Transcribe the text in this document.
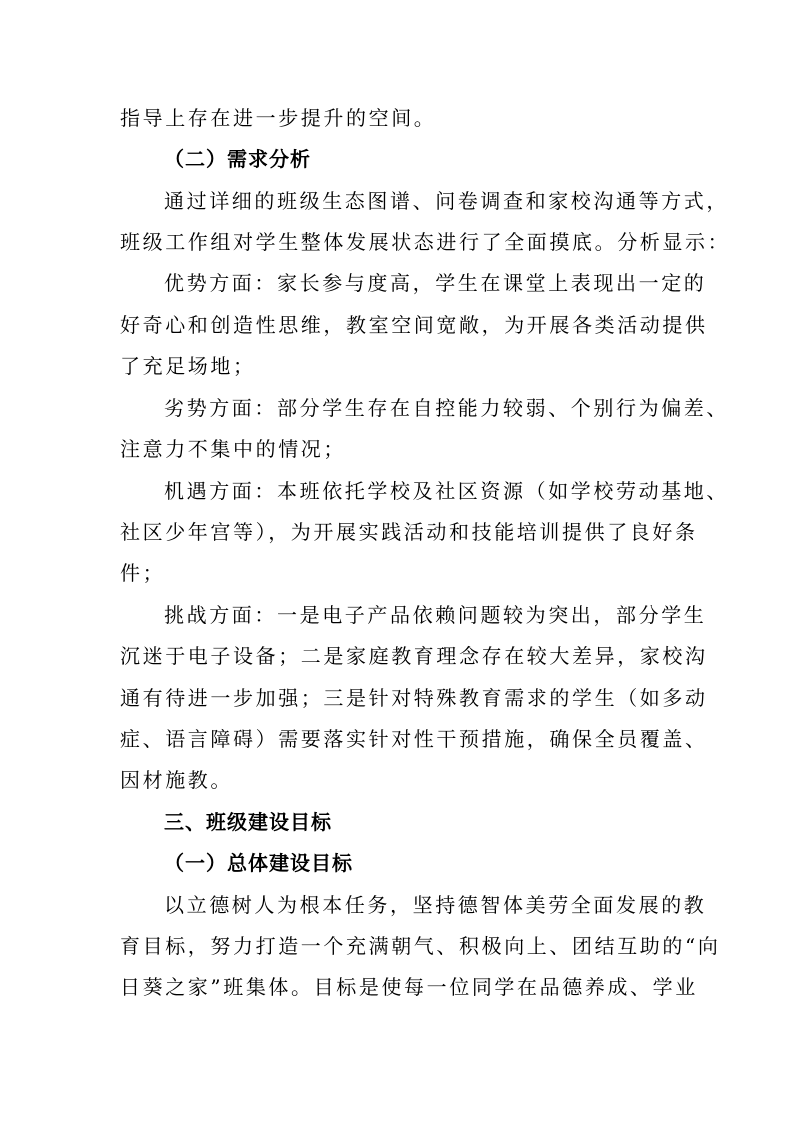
指导上存在进一步提升的空间。
（二）需求分析
通过详细的班级生态图谱、问卷调查和家校沟通等方式，
班级工作组对学生整体发展状态进行了全面摸底。分析显示：
优势方面：家长参与度高，学生在课堂上表现出一定的
好奇心和创造性思维，教室空间宽敞，为开展各类活动提供
了充足场地；
劣势方面：部分学生存在自控能力较弱、个别行为偏差、
注意力不集中的情况；
机遇方面：本班依托学校及社区资源（如学校劳动基地、
社区少年宫等），为开展实践活动和技能培训提供了良好条
件；
挑战方面：一是电子产品依赖问题较为突出，部分学生
沉迷于电子设备；二是家庭教育理念存在较大差异，家校沟
通有待进一步加强；三是针对特殊教育需求的学生（如多动
症、语言障碍）需要落实针对性干预措施，确保全员覆盖、
因材施教。
三、班级建设目标
（一）总体建设目标
以立德树人为根本任务，坚持德智体美劳全面发展的教
育目标，努力打造一个充满朝气、积极向上、团结互助的“向
日葵之家”班集体。目标是使每一位同学在品德养成、学业
